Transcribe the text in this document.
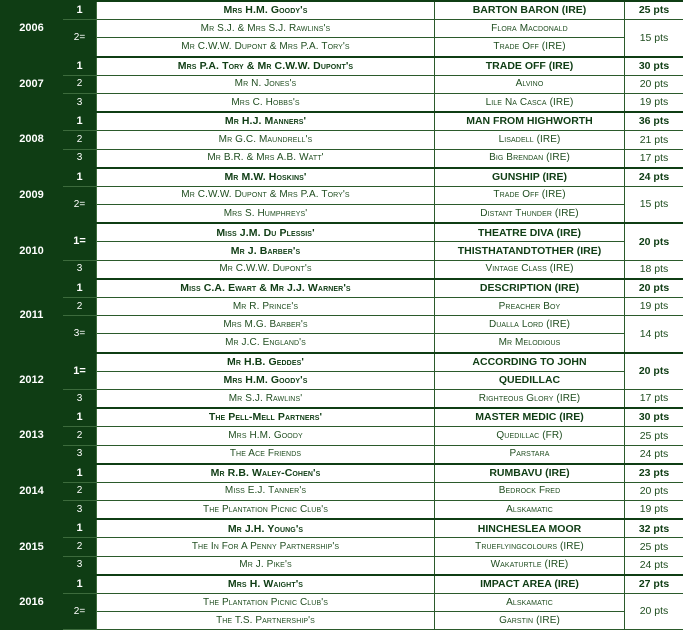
2006	1	Mrs H.M. Goody's	BARTON BARON (IRE)	25 pts
	2=	Mr S.J. & Mrs S.J. Rawlins's	Flora Macdonald	15 pts
		Mr C.W.W. Dupont & Mrs P.A. Tory's	Trade Off (IRE)	
2007	1	Mrs P.A. Tory & Mr C.W.W. Dupont's	TRADE OFF (IRE)	30 pts
	2	Mr N. Jones's	Alvino	20 pts
	3	Mrs C. Hobbs's	Lile Na Casca (IRE)	19 pts
2008	1	Mr H.J. Manners'	MAN FROM HIGHWORTH	36 pts
	2	Mr G.C. Maundrell's	Lisadell (IRE)	21 pts
	3	Mr B.R. & Mrs A.B. Watt'	Big Brendan (IRE)	17 pts
2009	1	Mr M.W. Hoskins'	GUNSHIP (IRE)	24 pts
	2=	Mr C.W.W. Dupont & Mrs P.A. Tory's	Trade Off (IRE)	15 pts
		Mrs S. Humphreys'	Distant Thunder (IRE)	
2010	1=	Miss J.M. Du Plessis'	THEATRE DIVA (IRE)	20 pts
		Mr J. Barber's	THISTHATANDTOTHER (IRE)	
	3	Mr C.W.W. Dupont's	Vintage Class (IRE)	18 pts
2011	1	Miss C.A. Ewart & Mr J.J. Warner's	DESCRIPTION (IRE)	20 pts
	2	Mr R. Prince's	Preacher Boy	19 pts
	3=	Mrs M.G. Barber's	Dualla Lord (IRE)	14 pts
		Mr J.C. England's	Mr Melodious	
2012	1=	Mr H.B. Geddes'	ACCORDING TO JOHN	20 pts
		Mrs H.M. Goody's	QUEDILLAC	
	3	Mr S.J. Rawlins'	Righteous Glory (IRE)	17 pts
2013	1	The Pell-Mell Partners'	MASTER MEDIC (IRE)	30 pts
	2	Mrs H.M. Goody	Quedillac (FR)	25 pts
	3	The Ace Friends	Parstara	24 pts
2014	1	Mr R.B. Waley-Cohen's	RUMBAVU (IRE)	23 pts
	2	Miss E.J. Tanner's	Bedrock Fred	20 pts
	3	The Plantation Picnic Club's	Alskamatic	19 pts
2015	1	Mr J.H. Young's	HINCHESLEA MOOR	32 pts
	2	The In For A Penny Partnership's	Trueflyingcolours (IRE)	25 pts
	3	Mr J. Pike's	Wakaturtle (IRE)	24 pts
2016	1	Mrs H. Waight's	IMPACT AREA (IRE)	27 pts
	2=	The Plantation Picnic Club's	Alskamatic	20 pts
		The T.S. Partnership's	Garstin (IRE)	
